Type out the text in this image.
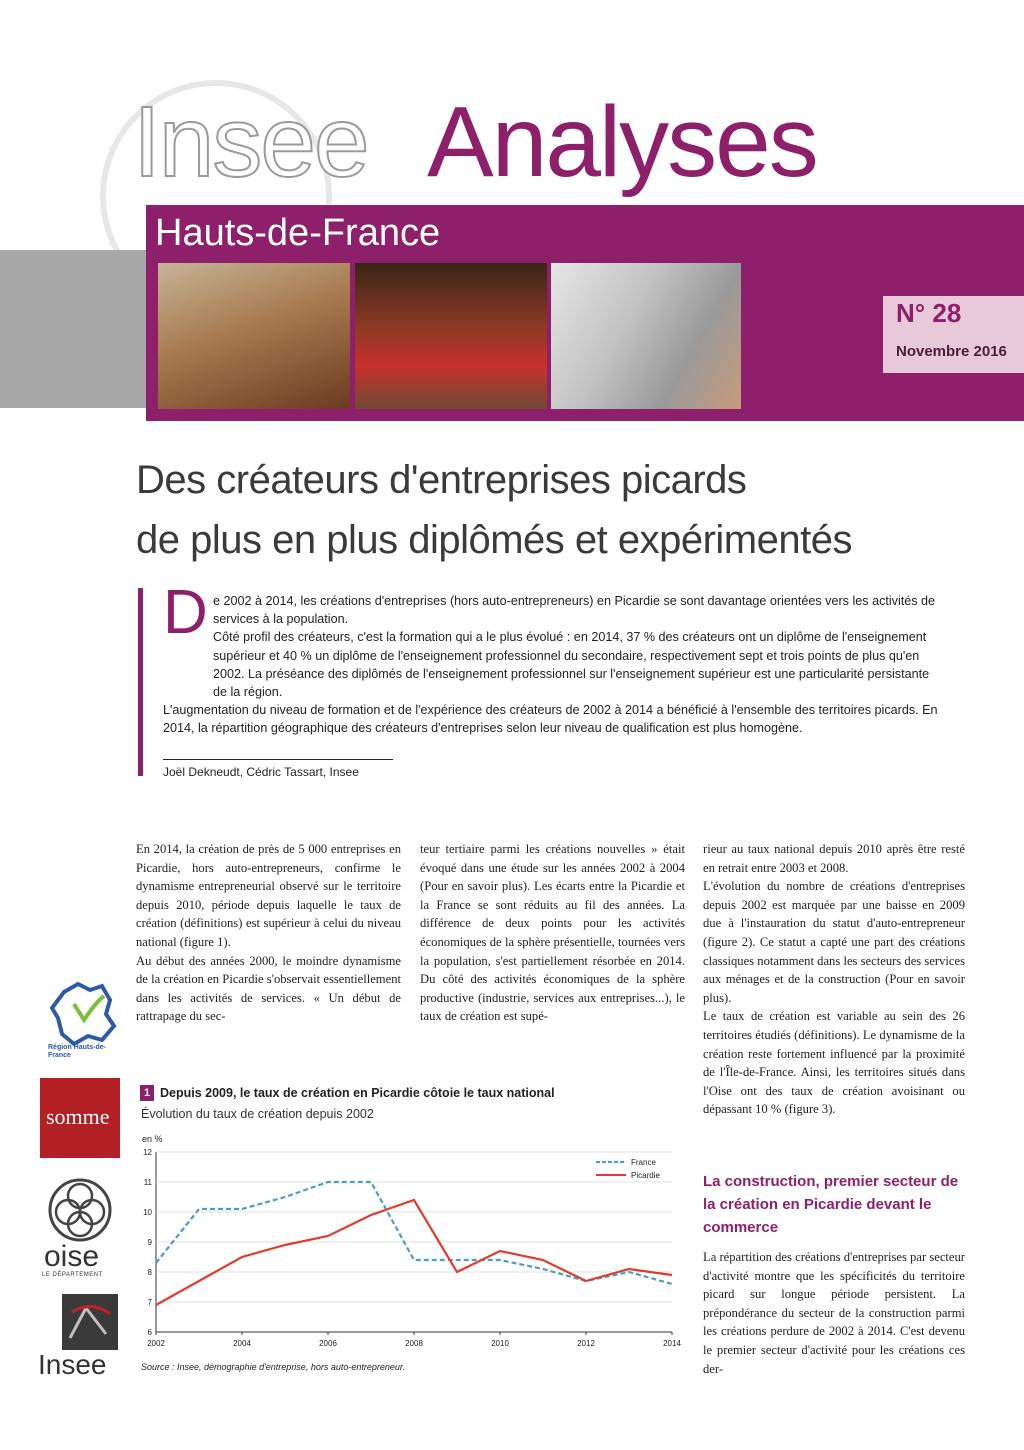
Insee Analyses
Hauts-de-France
N° 28
Novembre 2016
Des créateurs d'entreprises picards
de plus en plus diplômés et expérimentés
D e 2002 à 2014, les créations d'entreprises (hors auto-entrepreneurs) en Picardie se sont davantage orientées vers les activités de services à la population.

Côté profil des créateurs, c'est la formation qui a le plus évolué : en 2014, 37 % des créateurs ont un diplôme de l'enseignement supérieur et 40 % un diplôme de l'enseignement professionnel du secondaire, respectivement sept et trois points de plus qu'en 2002. La préséance des diplômés de l'enseignement professionnel sur l'enseignement supérieur est une particularité persistante de la région.

L'augmentation du niveau de formation et de l'expérience des créateurs de 2002 à 2014 a bénéficié à l'ensemble des territoires picards. En 2014, la répartition géographique des créateurs d'entreprises selon leur niveau de qualification est plus homogène.

Joël Dekneudt, Cédric Tassart, Insee

En 2014, la création de près de 5 000 entreprises en Picardie, hors auto-entrepreneurs, confirme le dynamisme entrepreneurial observé sur le territoire depuis 2010, période depuis laquelle le taux de création (définitions) est supérieur à celui du niveau national (figure 1).

Au début des années 2000, le moindre dynamisme de la création en Picardie s'observait essentiellement dans les activités de services. « Un début de rattrapage du sec-

teur tertiaire parmi les créations nouvelles » était évoqué dans une étude sur les années 2002 à 2004 (Pour en savoir plus). Les écarts entre la Picardie et la France se sont réduits au fil des années. La différence de deux points pour les activités économiques de la sphère présentielle, tournées vers la population, s'est partiellement résorbée en 2014. Du côté des activités économiques de la sphère productive (industrie, services aux entreprises...), le taux de création est supé-

rieur au taux national depuis 2010 après être resté en retrait entre 2003 et 2008.

L'évolution du nombre de créations d'entreprises depuis 2002 est marquée par une baisse en 2009 due à l'instauration du statut d'auto-entrepreneur (figure 2). Ce statut a capté une part des créations classiques notamment dans les secteurs des services aux ménages et de la construction (Pour en savoir plus).

Le taux de création est variable au sein des 26 territoires étudiés (définitions). Le dynamisme de la création reste fortement influencé par la proximité de l'Île-de-France. Ainsi, les territoires situés dans l'Oise ont des taux de création avoisinant ou dépassant 10 % (figure 3).

La construction, premier secteur de la création en Picardie devant le commerce

La répartition des créations d'entreprises par secteur d'activité montre que les spécificités du territoire picard sur longue période persistent. La prépondérance du secteur de la construction parmi les créations perdure de 2002 à 2014. C'est devenu le premier secteur d'activité pour les créations ces der-

Région Hauts-de-France
somme
oise
LE DÉPARTEMENT
Insee
1 Depuis 2009, le taux de création en Picardie côtoie le taux national
Évolution du taux de création depuis 2002
en %
6
7
8
9
10
11
12
2002	2004	2006	2008	2010	2012	2014
France
Picardie
Source : Insee, démographie d'entreprise, hors auto-entrepreneur.
